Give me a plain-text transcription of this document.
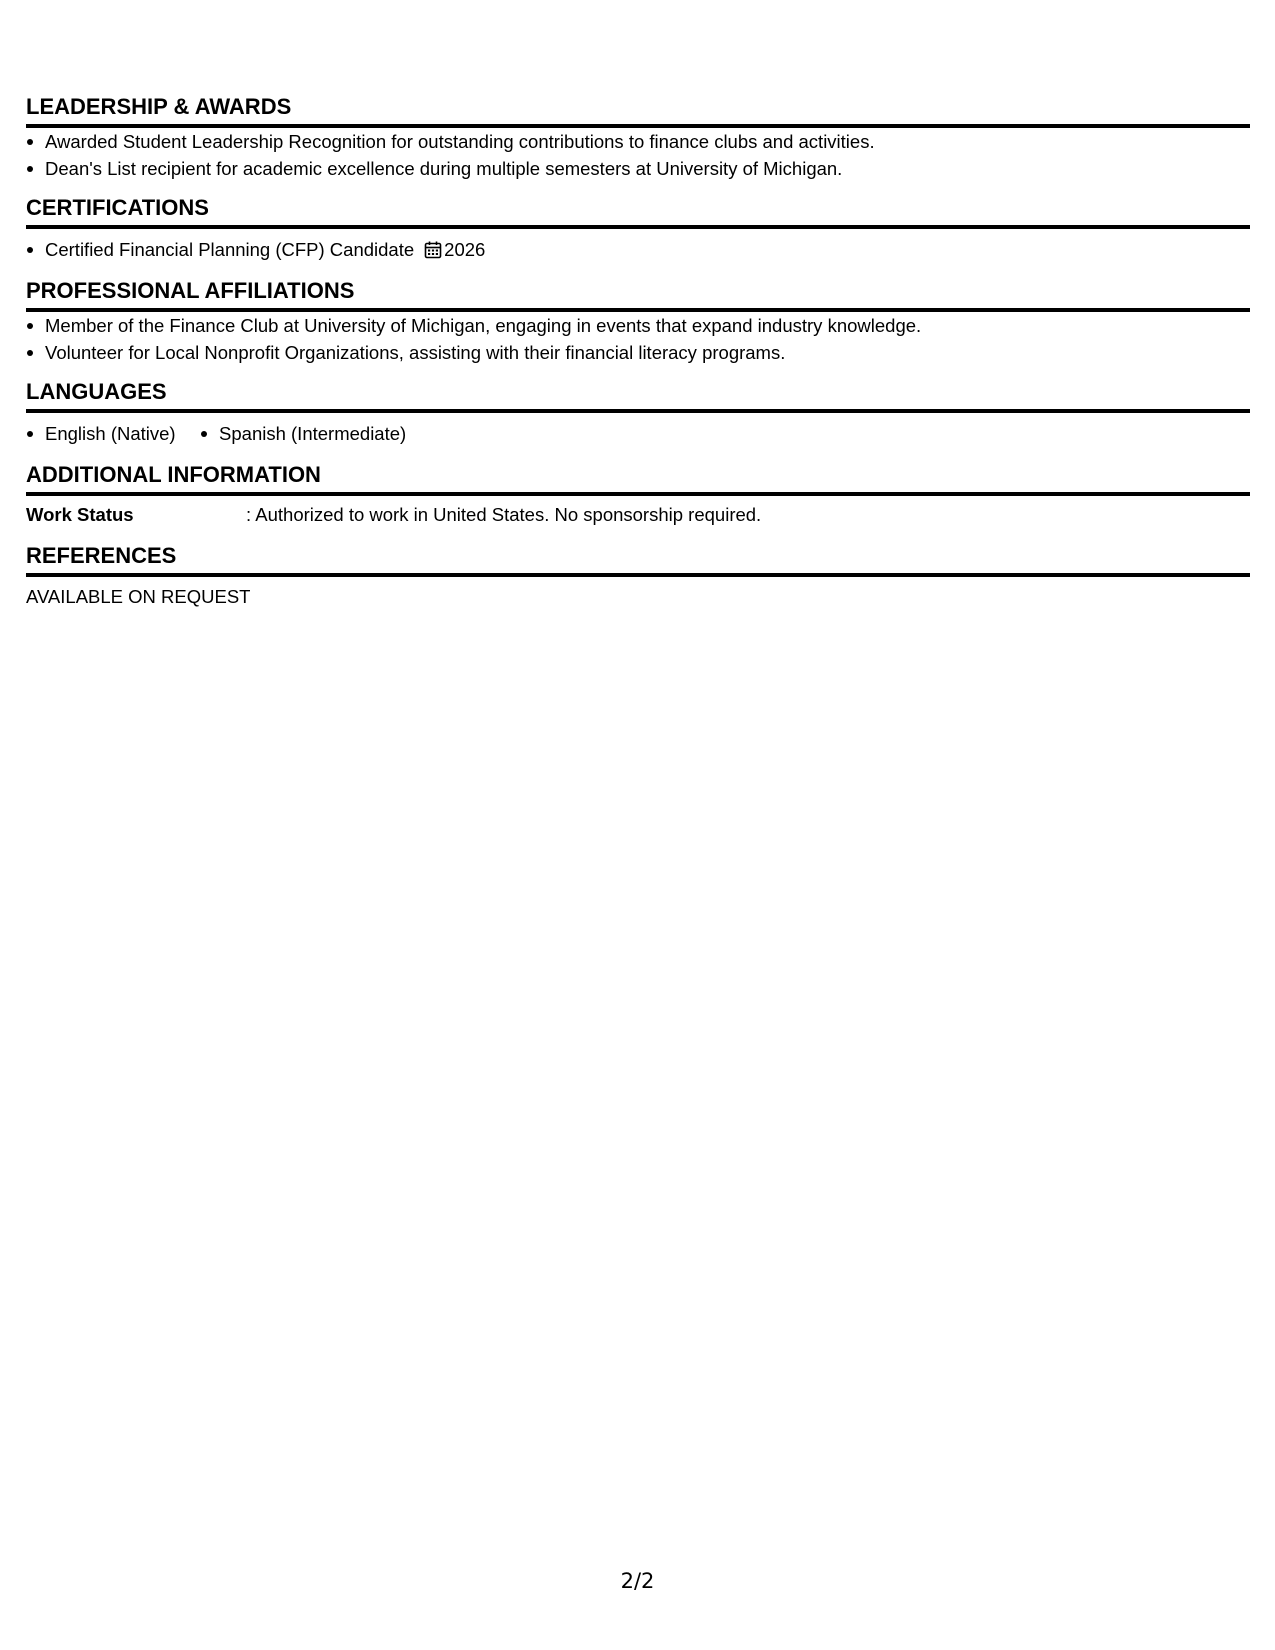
LEADERSHIP & AWARDS
Awarded Student Leadership Recognition for outstanding contributions to finance clubs and activities.
Dean's List recipient for academic excellence during multiple semesters at University of Michigan.
CERTIFICATIONS
Certified Financial Planning (CFP) Candidate 2026
PROFESSIONAL AFFILIATIONS
Member of the Finance Club at University of Michigan, engaging in events that expand industry knowledge.
Volunteer for Local Nonprofit Organizations, assisting with their financial literacy programs.
LANGUAGES
English (Native) Spanish (Intermediate)
ADDITIONAL INFORMATION
Work Status	: Authorized to work in United States. No sponsorship required.
REFERENCES
AVAILABLE ON REQUEST
2/2
